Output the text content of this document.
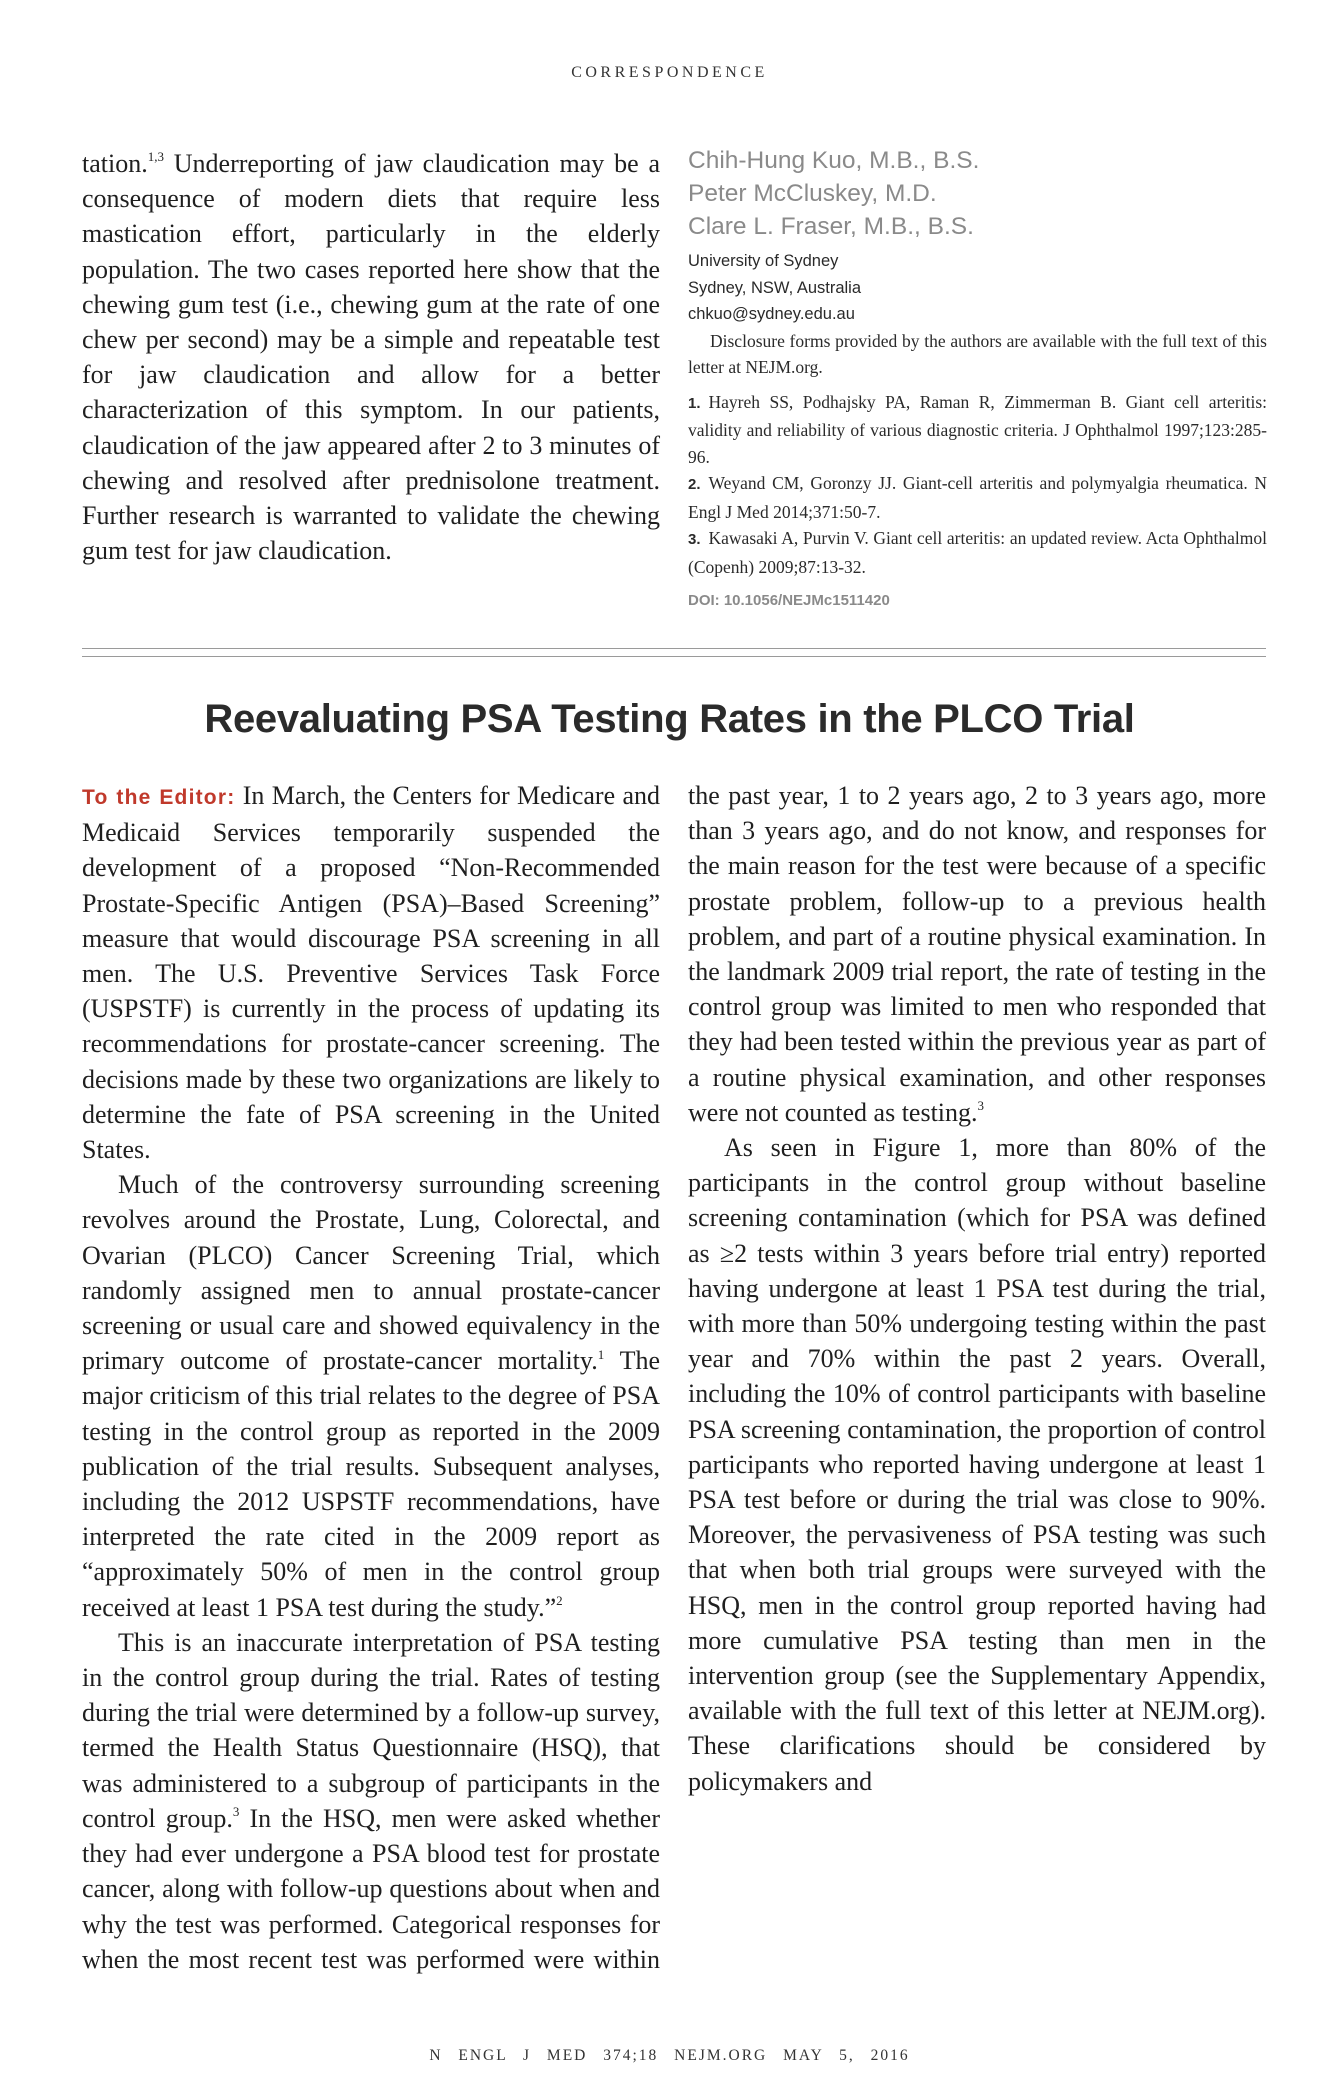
CORRESPONDENCE

tation.$^{1,3}$ Underreporting of jaw claudication may be a consequence of modern diets that require less mastication effort, particularly in the elderly population. The two cases reported here show that the chewing gum test (i.e., chewing gum at the rate of one chew per second) may be a simple and repeatable test for jaw claudication and allow for a better characterization of this symptom. In our patients, claudication of the jaw appeared after 2 to 3 minutes of chewing and resolved after prednisolone treatment. Further research is warranted to validate the chewing gum test for jaw claudication.

Chih-Hung Kuo, M.B., B.S.
Peter McCluskey, M.D.
Clare L. Fraser, M.B., B.S.
University of Sydney
Sydney, NSW, Australia
chkuo@sydney.edu.au
Disclosure forms provided by the authors are available with the full text of this letter at NEJM.org.
1. Hayreh SS, Podhajsky PA, Raman R, Zimmerman B. Giant cell arteritis: validity and reliability of various diagnostic criteria. J Ophthalmol 1997;123:285-96.
2. Weyand CM, Goronzy JJ. Giant-cell arteritis and polymyalgia rheumatica. N Engl J Med 2014;371:50-7.
3. Kawasaki A, Purvin V. Giant cell arteritis: an updated review. Acta Ophthalmol (Copenh) 2009;87:13-32.
DOI: 10.1056/NEJMc1511420
Reevaluating PSA Testing Rates in the PLCO Trial

To the Editor: In March, the Centers for Medicare and Medicaid Services temporarily suspended the development of a proposed “Non-Recommended Prostate-Specific Antigen (PSA)–Based Screening” measure that would discourage PSA screening in all men. The U.S. Preventive Services Task Force (USPSTF) is currently in the process of updating its recommendations for prostate-cancer screening. The decisions made by these two organizations are likely to determine the fate of PSA screening in the United States.

Much of the controversy surrounding screening revolves around the Prostate, Lung, Colorectal, and Ovarian (PLCO) Cancer Screening Trial, which randomly assigned men to annual prostate-cancer screening or usual care and showed equivalency in the primary outcome of prostate-cancer mortality.$^1$ The major criticism of this trial relates to the degree of PSA testing in the control group as reported in the 2009 publication of the trial results. Subsequent analyses, including the 2012 USPSTF recommendations, have interpreted the rate cited in the 2009 report as “approximately 50% of men in the control group received at least 1 PSA test during the study.”$^2$

This is an inaccurate interpretation of PSA testing in the control group during the trial. Rates of testing during the trial were determined by a follow-up survey, termed the Health Status Questionnaire (HSQ), that was administered to a subgroup of participants in the control group.$^3$ In the HSQ, men were asked whether they had ever undergone a PSA blood test for prostate cancer, along with follow-up questions about when and why the test was performed. Categorical responses for when the most recent test was performed were within the past year, 1 to 2 years ago, 2 to 3 years ago, more than 3 years ago, and do not know, and responses for the main reason for the test were because of a specific prostate problem, follow-up to a previous health problem, and part of a routine physical examination. In the landmark 2009 trial report, the rate of testing in the control group was limited to men who responded that they had been tested within the previous year as part of a routine physical examination, and other responses were not counted as testing.$^3$

As seen in Figure 1, more than 80% of the participants in the control group without baseline screening contamination (which for PSA was defined as ≥2 tests within 3 years before trial entry) reported having undergone at least 1 PSA test during the trial, with more than 50% undergoing testing within the past year and 70% within the past 2 years. Overall, including the 10% of control participants with baseline PSA screening contamination, the proportion of control participants who reported having undergone at least 1 PSA test before or during the trial was close to 90%. Moreover, the pervasiveness of PSA testing was such that when both trial groups were surveyed with the HSQ, men in the control group reported having had more cumulative PSA testing than men in the intervention group (see the Supplementary Appendix, available with the full text of this letter at NEJM.org). These clarifications should be considered by policymakers and

N ENGL J MED 374;18 NEJM.ORG MAY 5, 2016
